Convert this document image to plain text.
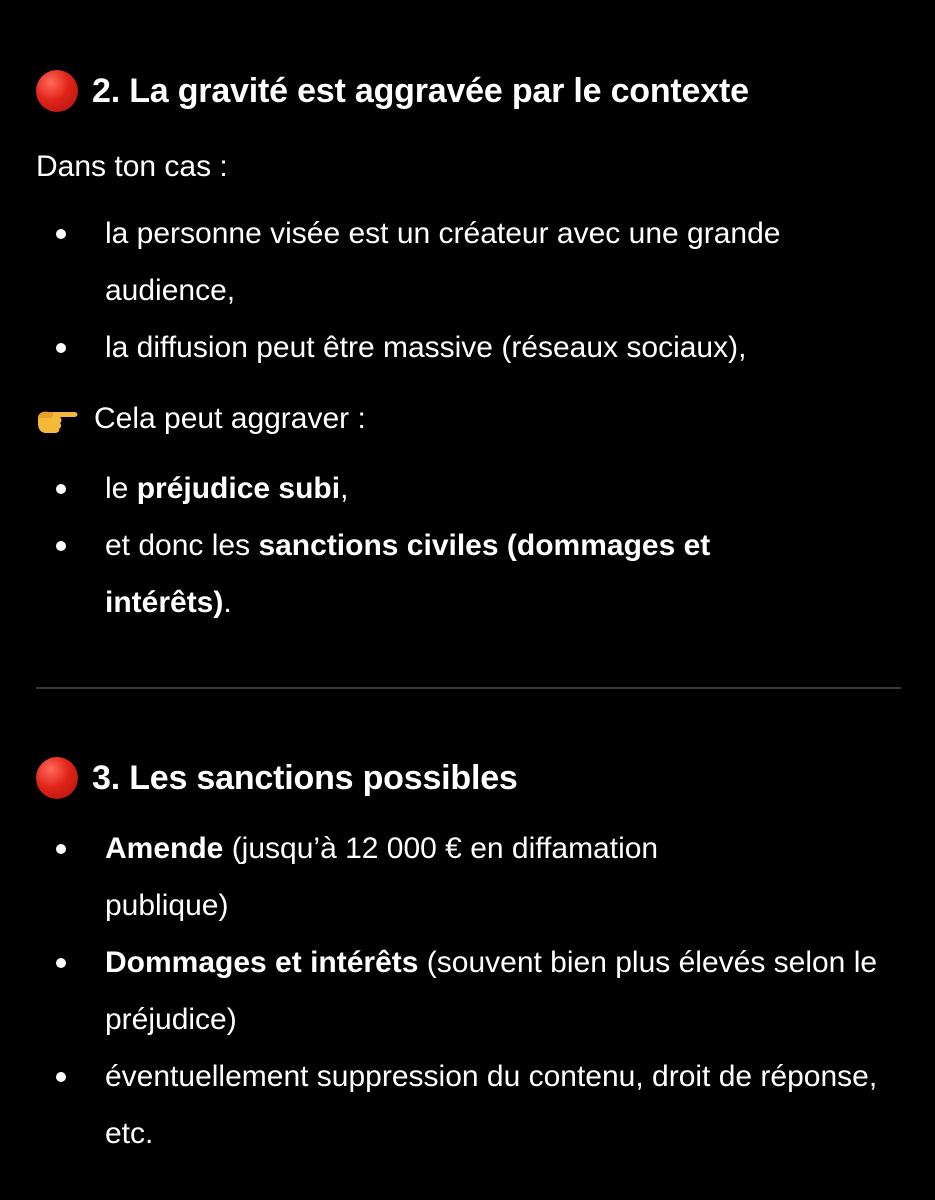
2. La gravité est aggravée par le contexte
Dans ton cas :
la personne visée est un créateur avec une grande audience,
la diffusion peut être massive (réseaux sociaux),
Cela peut aggraver :
le préjudice subi,
et donc les sanctions civiles (dommages et intérêts).
3. Les sanctions possibles
Amende (jusqu’à 12 000 € en diffamation publique)
Dommages et intérêts (souvent bien plus élevés selon le préjudice)
éventuellement suppression du contenu, droit de réponse, etc.
